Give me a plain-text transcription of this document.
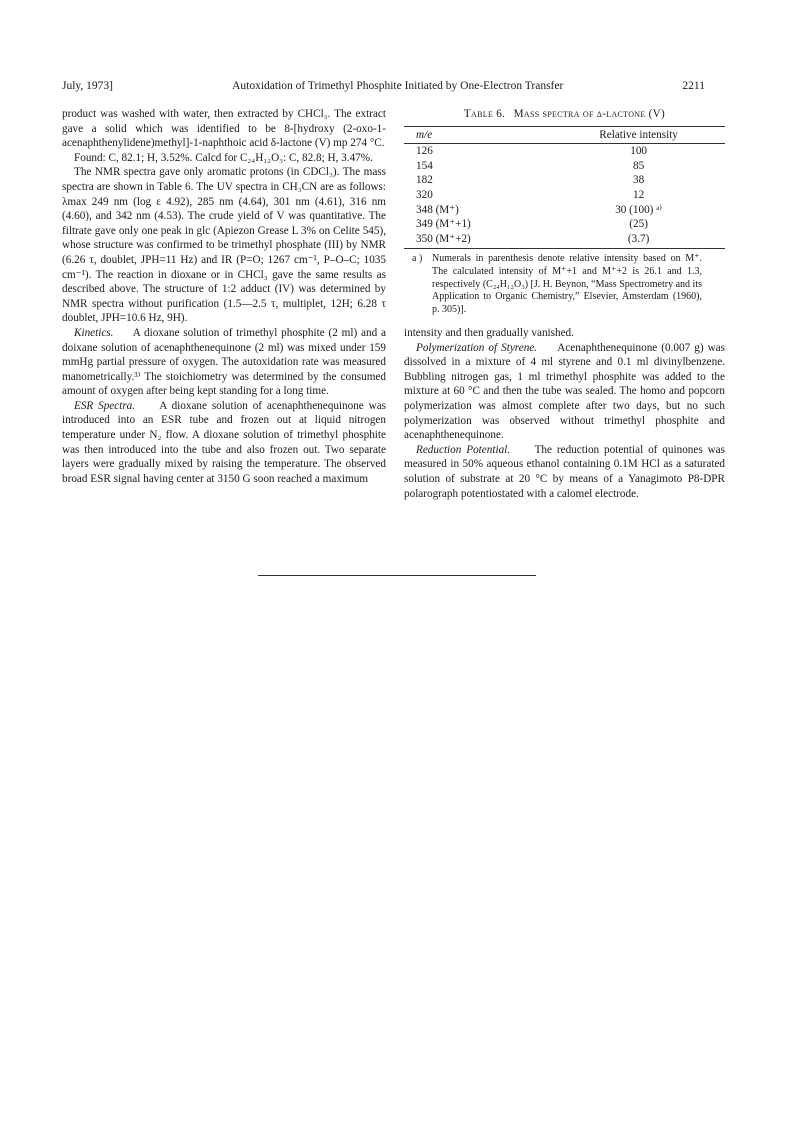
July, 1973]	Autoxidation of Trimethyl Phosphite Initiated by One-Electron Transfer	2211

product was washed with water, then extracted by CHCl₃. The extract gave a solid which was identified to be 8-[hydroxy (2-oxo-1-acenaphthenylidene)methyl]-1-naphthoic acid δ-lactone (V) mp 274 °C.

Found: C, 82.1; H, 3.52%. Calcd for C₂₄H₁₂O₃: C, 82.8; H, 3.47%.

The NMR spectra gave only aromatic protons (in CDCl₃). The mass spectra are shown in Table 6. The UV spectra in CH₃CN are as follows: λmax 249 nm (log ε 4.92), 285 nm (4.64), 301 nm (4.61), 316 nm (4.60), and 342 nm (4.53). The crude yield of V was quantitative. The filtrate gave only one peak in glc (Apiezon Grease L 3% on Celite 545), whose structure was confirmed to be trimethyl phosphate (III) by NMR (6.26 τ, doublet, JPH=11 Hz) and IR (P=O; 1267 cm⁻¹, P–O–C; 1035 cm⁻¹). The reaction in dioxane or in CHCl₃ gave the same results as described above. The structure of 1:2 adduct (IV) was determined by NMR spectra without purification (1.5—2.5 τ, multiplet, 12H; 6.28 τ doublet, JPH=10.6 Hz, 9H).

Kinetics. A dioxane solution of trimethyl phosphite (2 ml) and a doixane solution of acenaphthenequinone (2 ml) was mixed under 159 mmHg partial pressure of oxygen. The autoxidation rate was measured manometrically.³⁾ The stoichiometry was determined by the consumed amount of oxygen after being kept standing for a long time.

ESR Spectra. A dioxane solution of acenaphthenequinone was introduced into an ESR tube and frozen out at liquid nitrogen temperature under N₂ flow. A dioxane solution of trimethyl phosphite was then introduced into the tube and also frozen out. Two separate layers were gradually mixed by raising the temperature. The observed broad ESR signal having center at 3150 G soon reached a maximum

Table 6. Mass spectra of δ-lactone (V)
m/e	Relative intensity
126	100
154	85
182	38
320	12
348 (M⁺)	30 (100) ᵃ⁾
349 (M⁺+1)	(25)
350 (M⁺+2)	(3.7)
a ) Numerals in parenthesis denote relative intensity based on M⁺. The calculated intensity of M⁺+1 and M⁺+2 is 26.1 and 1.3, respectively (C₂₄H₁₂O₃) [J. H. Beynon, “Mass Spectrometry and its Application to Organic Chemistry,” Elsevier, Amsterdam (1960), p. 305)].

intensity and then gradually vanished.

Polymerization of Styrene. Acenaphthenequinone (0.007 g) was dissolved in a mixture of 4 ml styrene and 0.1 ml divinylbenzene. Bubbling nitrogen gas, 1 ml trimethyl phosphite was added to the mixture at 60 °C and then the tube was sealed. The homo and popcorn polymerization was almost complete after two days, but no such polymerization was observed without trimethyl phosphite and acenaphthenequinone.

Reduction Potential. The reduction potential of quinones was measured in 50% aqueous ethanol containing 0.1M HCl as a saturated solution of substrate at 20 °C by means of a Yanagimoto P8-DPR polarograph potentiostated with a calomel electrode.
